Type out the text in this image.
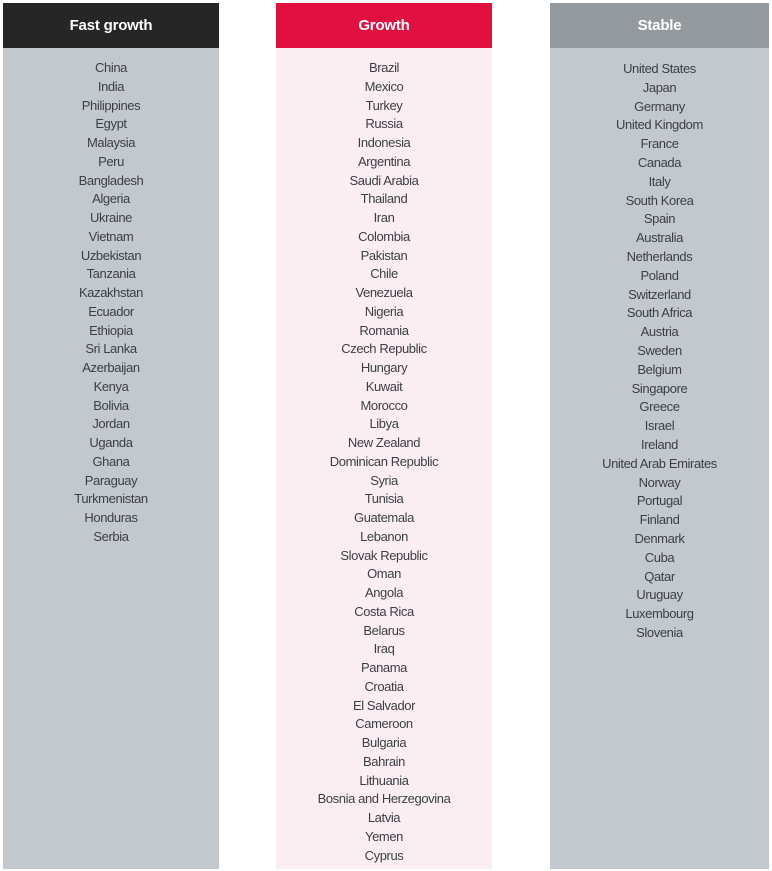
Fast growth
China
India
Philippines
Egypt
Malaysia
Peru
Bangladesh
Algeria
Ukraine
Vietnam
Uzbekistan
Tanzania
Kazakhstan
Ecuador
Ethiopia
Sri Lanka
Azerbaijan
Kenya
Bolivia
Jordan
Uganda
Ghana
Paraguay
Turkmenistan
Honduras
Serbia
Growth
Brazil
Mexico
Turkey
Russia
Indonesia
Argentina
Saudi Arabia
Thailand
Iran
Colombia
Pakistan
Chile
Venezuela
Nigeria
Romania
Czech Republic
Hungary
Kuwait
Morocco
Libya
New Zealand
Dominican Republic
Syria
Tunisia
Guatemala
Lebanon
Slovak Republic
Oman
Angola
Costa Rica
Belarus
Iraq
Panama
Croatia
El Salvador
Cameroon
Bulgaria
Bahrain
Lithuania
Bosnia and Herzegovina
Latvia
Yemen
Cyprus
Stable
United States
Japan
Germany
United Kingdom
France
Canada
Italy
South Korea
Spain
Australia
Netherlands
Poland
Switzerland
South Africa
Austria
Sweden
Belgium
Singapore
Greece
Israel
Ireland
United Arab Emirates
Norway
Portugal
Finland
Denmark
Cuba
Qatar
Uruguay
Luxembourg
Slovenia
